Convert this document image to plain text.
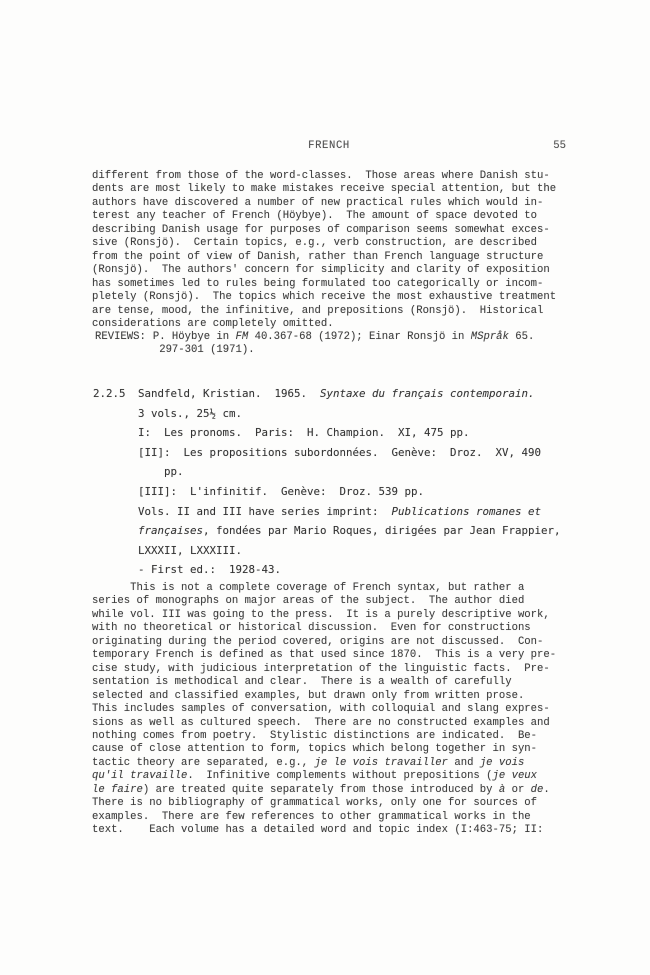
FRENCH	55
different from those of the word-classes.  Those areas where Danish stu-
dents are most likely to make mistakes receive special attention, but the
authors have discovered a number of new practical rules which would in-
terest any teacher of French (Höybye).  The amount of space devoted to
describing Danish usage for purposes of comparison seems somewhat exces-
sive (Ronsjö).  Certain topics, e.g., verb construction, are described
from the point of view of Danish, rather than French language structure
(Ronsjö).  The authors' concern for simplicity and clarity of exposition
has sometimes led to rules being formulated too categorically or incom-
pletely (Ronsjö).  The topics which receive the most exhaustive treatment
are tense, mood, the infinitive, and prepositions (Ronsjö).  Historical
considerations are completely omitted.
REVIEWS: P. Höybye in FM 40.367-68 (1972); Einar Ronsjö in MSpråk 65.
297-301 (1971).
2.2.5	Sandfeld, Kristian.  1965.  Syntaxe du français contemporain.
3 vols., 25½ cm.
I:  Les pronoms.  Paris:  H. Champion.  XI, 475 pp.
[II]:  Les propositions subordonnées.  Genève:  Droz.  XV, 490
pp.
[III]:  L'infinitif.  Genève:  Droz. 539 pp.
Vols. II and III have series imprint:  Publications romanes et
françaises, fondées par Mario Roques, dirigées par Jean Frappier,
LXXXII, LXXXIII.
- First ed.:  1928-43.
This is not a complete coverage of French syntax, but rather a
series of monographs on major areas of the subject.  The author died
while vol. III was going to the press.  It is a purely descriptive work,
with no theoretical or historical discussion.  Even for constructions
originating during the period covered, origins are not discussed.  Con-
temporary French is defined as that used since 1870.  This is a very pre-
cise study, with judicious interpretation of the linguistic facts.  Pre-
sentation is methodical and clear.  There is a wealth of carefully
selected and classified examples, but drawn only from written prose.
This includes samples of conversation, with colloquial and slang expres-
sions as well as cultured speech.  There are no constructed examples and
nothing comes from poetry.  Stylistic distinctions are indicated.  Be-
cause of close attention to form, topics which belong together in syn-
tactic theory are separated, e.g., je le vois travailler and je vois
qu'il travaille.  Infinitive complements without prepositions (je veux
le faire) are treated quite separately from those introduced by à or de.
There is no bibliography of grammatical works, only one for sources of
examples.  There are few references to other grammatical works in the
text.    Each volume has a detailed word and topic index (I:463-75; II:
